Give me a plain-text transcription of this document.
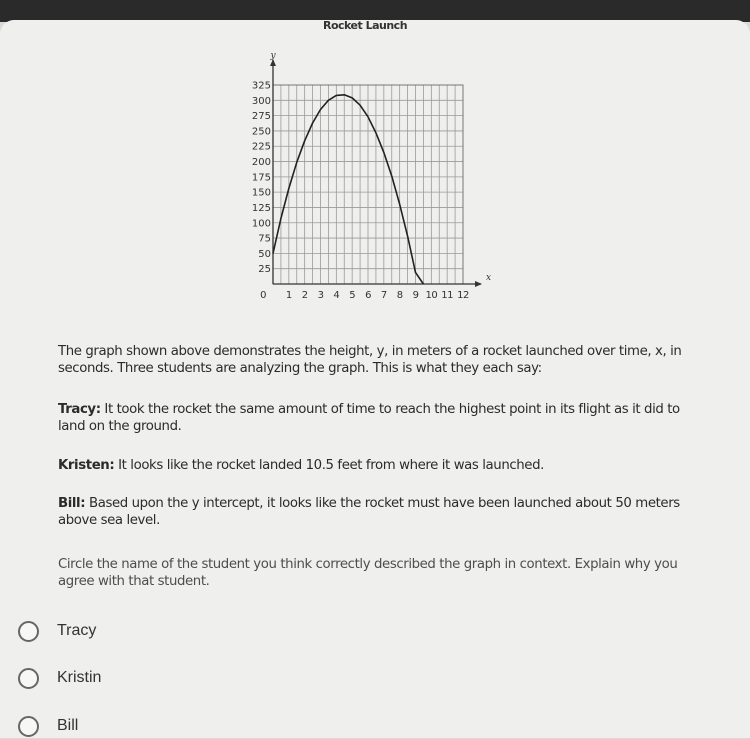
Rocket Launch
y
x
25
50
75
100
125
150
175
200
225
250
275
300
325
0 1 2 3 4 5 6 7 8 9 10 11 12
The graph shown above demonstrates the height, y, in meters of a rocket launched over time, x, in seconds. Three students are analyzing the graph. This is what they each say:
Tracy: It took the rocket the same amount of time to reach the highest point in its flight as it did to land on the ground.
Kristen: It looks like the rocket landed 10.5 feet from where it was launched.
Bill: Based upon the y intercept, it looks like the rocket must have been launched about 50 meters above sea level.
Circle the name of the student you think correctly described the graph in context. Explain why you agree with that student.
Tracy
Kristin
Bill
